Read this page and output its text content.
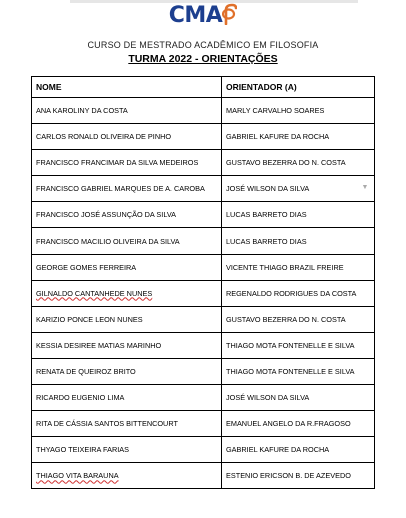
CMA
CURSO DE MESTRADO ACADÊMICO EM FILOSOFIA
TURMA 2022 - ORIENTAÇÕES
NOME	ORIENTADOR (A)
ANA KAROLINY DA COSTA	MARLY CARVALHO SOARES
CARLOS RONALD OLIVEIRA DE PINHO	GABRIEL KAFURE DA ROCHA
FRANCISCO FRANCIMAR DA SILVA MEDEIROS	GUSTAVO BEZERRA DO N. COSTA
FRANCISCO GABRIEL MARQUES DE A. CAROBA	JOSÉ WILSON DA SILVA ▼

FRANCISCO JOSÉ ASSUNÇÃO DA SILVA	LUCAS BARRETO DIAS
FRANCISCO MACILIO OLIVEIRA DA SILVA	LUCAS BARRETO DIAS
GEORGE GOMES FERREIRA	VICENTE THIAGO BRAZIL FREIRE
GILNALDO CANTANHEDE NUNES	REGENALDO RODRIGUES DA COSTA
KARIZIO PONCE LEON NUNES	GUSTAVO BEZERRA DO N. COSTA
KESSIA DESIREE MATIAS MARINHO	THIAGO MOTA FONTENELLE E SILVA
RENATA DE QUEIROZ BRITO	THIAGO MOTA FONTENELLE E SILVA
RICARDO EUGENIO LIMA	JOSÉ WILSON DA SILVA
RITA DE CÁSSIA SANTOS BITTENCOURT	EMANUEL ANGELO DA R.FRAGOSO
THYAGO TEIXEIRA FARIAS	GABRIEL KAFURE DA ROCHA
THIAGO VITA BARAUNA	ESTENIO ERICSON B. DE AZEVEDO
